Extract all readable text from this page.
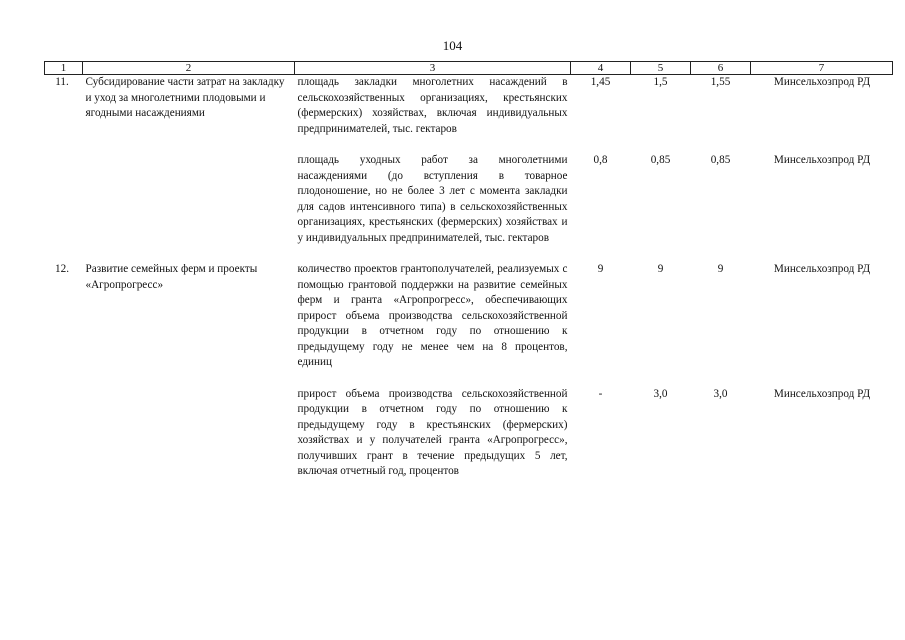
104
1	2	3	4	5	6	7
11.	Субсидирование части затрат на закладку и уход за многолетними плодовыми и ягодными насаждениями	площадь закладки многолетних насаждений в сельскохозяйственных организациях, крестьянских (фермерских) хозяйствах, включая индивидуальных предпринимателей, тыс. гектаров	1,45	1,5	1,55	Минсельхозпрод РД

		площадь уходных работ за многолетними насаждениями (до вступления в товарное плодоношение, но не более 3 лет с момента закладки для садов интенсивного типа) в сельскохозяйственных организациях, крестьянских (фермерских) хозяйствах и у индивидуальных предпринимателей, тыс. гектаров	0,8	0,85	0,85	Минсельхозпрод РД

12.	Развитие семейных ферм и проекты «Агропрогресс»	количество проектов грантополучателей, реализуемых с помощью грантовой поддержки на развитие семейных ферм и гранта «Агропрогресс», обеспечивающих прирост объема производства сельскохозяйственной продукции в отчетном году по отношению к предыдущему году не менее чем на 8 процентов, единиц	9	9	9	Минсельхозпрод РД

		прирост объема производства сельскохозяйственной продукции в отчетном году по отношению к предыдущему году в крестьянских (фермерских) хозяйствах и у получателей гранта «Агропрогресс», получивших грант в течение предыдущих 5 лет, включая отчетный год, процентов	-	3,0	3,0	Минсельхозпрод РД
